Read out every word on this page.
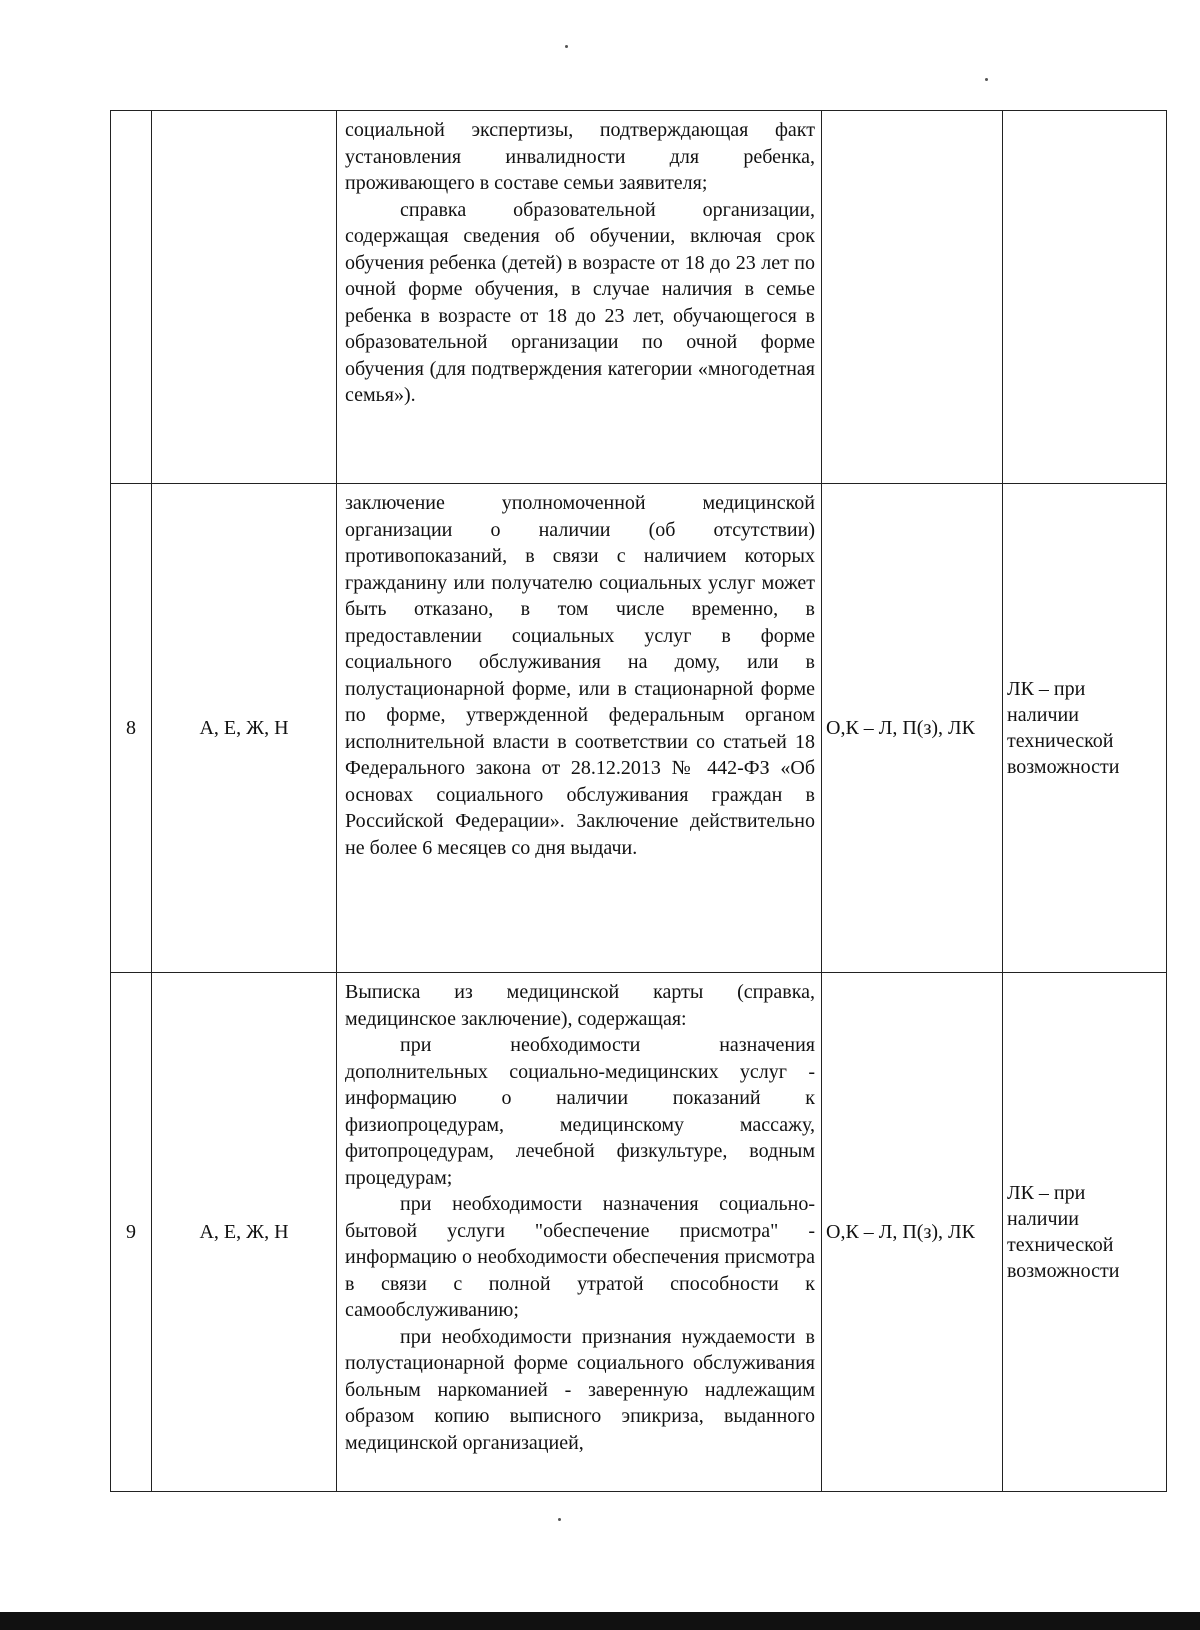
		социальной экспертизы, подтверждающая факт установления инвалидности для ребенка, проживающего в составе семьи заявителя;

справка образовательной организации, содержащая сведения об обучении, включая срок обучения ребенка (детей) в возрасте от 18 до 23 лет по очной форме обучения, в случае наличия в семье ребенка в возрасте от 18 до 23 лет, обучающегося в образовательной организации по очной форме обучения (для подтверждения категории «многодетная семья»).		

8	А, Е, Ж, Н	заключение уполномоченной медицинской организации о наличии (об отсутствии) противопоказаний, в связи с наличием которых гражданину или получателю социальных услуг может быть отказано, в том числе временно, в предоставлении социальных услуг в форме социального обслуживания на дому, или в полустационарной форме, или в стационарной форме по форме, утвержденной федеральным органом исполнительной власти в соответствии со статьей 18 Федерального закона от 28.12.2013 № 442-ФЗ «Об основах социального обслуживания граждан в Российской Федерации». Заключение действительно не более 6 месяцев со дня выдачи.	О,К – Л, П(з), ЛК	ЛК – при наличии технической возможности
9	А, Е, Ж, Н	Выписка из медицинской карты (справка, медицинское заключение), содержащая:

при необходимости назначения дополнительных социально-медицинских услуг - информацию о наличии показаний к физиопроцедурам, медицинскому массажу, фитопроцедурам, лечебной физкультуре, водным процедурам;

при необходимости назначения социально-бытовой услуги "обеспечение присмотра" - информацию о необходимости обеспечения присмотра в связи с полной утратой способности к самообслуживанию;

при необходимости признания нуждаемости в полустационарной форме социального обслуживания больным наркоманией - заверенную надлежащим образом копию выписного эпикриза, выданного медицинской организацией,	О,К – Л, П(з), ЛК	ЛК – при наличии технической возможности
